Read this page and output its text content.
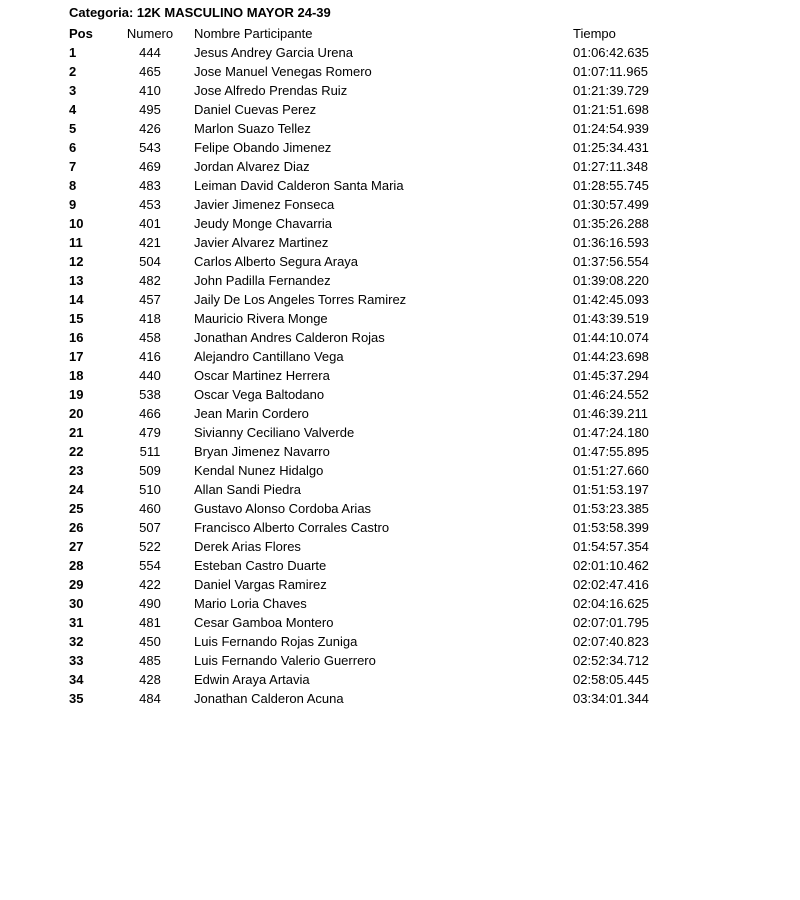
Categoria: 12K MASCULINO MAYOR 24-39
Pos	Numero	Nombre Participante	Tiempo
1	444	Jesus Andrey Garcia Urena	01:06:42.635
2	465	Jose Manuel Venegas Romero	01:07:11.965
3	410	Jose Alfredo Prendas Ruiz	01:21:39.729
4	495	Daniel Cuevas Perez	01:21:51.698
5	426	Marlon Suazo Tellez	01:24:54.939
6	543	Felipe Obando Jimenez	01:25:34.431
7	469	Jordan Alvarez Diaz	01:27:11.348
8	483	Leiman David Calderon Santa Maria	01:28:55.745
9	453	Javier Jimenez Fonseca	01:30:57.499
10	401	Jeudy Monge Chavarria	01:35:26.288
11	421	Javier Alvarez Martinez	01:36:16.593
12	504	Carlos Alberto Segura Araya	01:37:56.554
13	482	John Padilla Fernandez	01:39:08.220
14	457	Jaily De Los Angeles Torres Ramirez	01:42:45.093
15	418	Mauricio Rivera Monge	01:43:39.519
16	458	Jonathan Andres Calderon Rojas	01:44:10.074
17	416	Alejandro Cantillano Vega	01:44:23.698
18	440	Oscar Martinez Herrera	01:45:37.294
19	538	Oscar Vega Baltodano	01:46:24.552
20	466	Jean Marin Cordero	01:46:39.211
21	479	Sivianny Ceciliano Valverde	01:47:24.180
22	511	Bryan Jimenez Navarro	01:47:55.895
23	509	Kendal Nunez Hidalgo	01:51:27.660
24	510	Allan Sandi Piedra	01:51:53.197
25	460	Gustavo Alonso Cordoba Arias	01:53:23.385
26	507	Francisco Alberto Corrales Castro	01:53:58.399
27	522	Derek Arias Flores	01:54:57.354
28	554	Esteban Castro Duarte	02:01:10.462
29	422	Daniel Vargas Ramirez	02:02:47.416
30	490	Mario Loria Chaves	02:04:16.625
31	481	Cesar Gamboa Montero	02:07:01.795
32	450	Luis Fernando Rojas Zuniga	02:07:40.823
33	485	Luis Fernando Valerio Guerrero	02:52:34.712
34	428	Edwin Araya Artavia	02:58:05.445
35	484	Jonathan Calderon Acuna	03:34:01.344
